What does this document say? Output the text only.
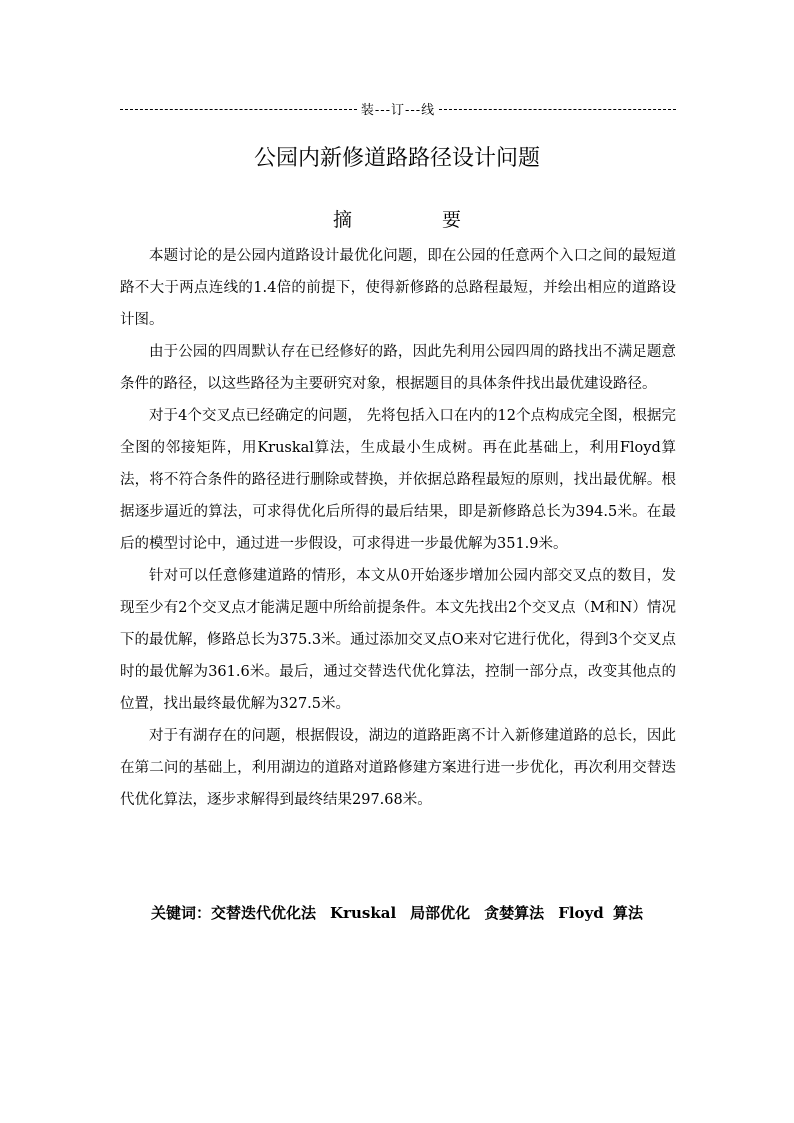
装---订---线
公园内新修道路路径设计问题
摘要

本题讨论的是公园内道路设计最优化问题，即在公园的任意两个入口之间的最短道路不大于两点连线的1.4倍的前提下，使得新修路的总路程最短，并绘出相应的道路设计图。

由于公园的四周默认存在已经修好的路，因此先利用公园四周的路找出不满足题意条件的路径，以这些路径为主要研究对象，根据题目的具体条件找出最优建设路径。

对于4个交叉点已经确定的问题， 先将包括入口在内的12个点构成完全图，根据完全图的邻接矩阵，用Kruskal算法，生成最小生成树。再在此基础上，利用Floyd算法，将不符合条件的路径进行删除或替换，并依据总路程最短的原则，找出最优解。根据逐步逼近的算法，可求得优化后所得的最后结果，即是新修路总长为394.5米。在最后的模型讨论中，通过进一步假设，可求得进一步最优解为351.9米。

针对可以任意修建道路的情形，本文从0开始逐步增加公园内部交叉点的数目，发现至少有2个交叉点才能满足题中所给前提条件。本文先找出2个交叉点（M和N）情况下的最优解，修路总长为375.3米。通过添加交叉点O来对它进行优化，得到3个交叉点时的最优解为361.6米。最后，通过交替迭代优化算法，控制一部分点，改变其他点的位置，找出最终最优解为327.5米。

对于有湖存在的问题，根据假设，湖边的道路距离不计入新修建道路的总长，因此在第二问的基础上，利用湖边的道路对道路修建方案进行进一步优化，再次利用交替迭代优化算法，逐步求解得到最终结果297.68米。

关键词：交替迭代优化法 Kruskal 局部优化 贪婪算法 Floyd 算法
